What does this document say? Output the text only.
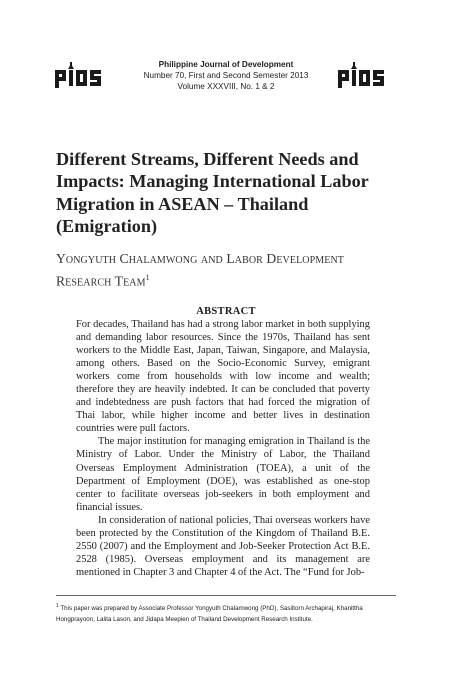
Philippine Journal of Development
Number 70, First and Second Semester 2013
Volume XXXVIII, No. 1 & 2
Different Streams, Different Needs and Impacts: Managing International Labor Migration in ASEAN – Thailand (Emigration)
Yongyuth Chalamwong and Labor Development Research Team$^1$
ABSTRACT

For decades, Thailand has had a strong labor market in both supplying and demanding labor resources. Since the 1970s, Thailand has sent workers to the Middle East, Japan, Taiwan, Singapore, and Malaysia, among others. Based on the Socio-Economic Survey, emigrant workers come from households with low income and wealth; therefore they are heavily indebted. It can be concluded that poverty and indebtedness are push factors that had forced the migration of Thai labor, while higher income and better lives in destination countries were pull factors.

The major institution for managing emigration in Thailand is the Ministry of Labor. Under the Ministry of Labor, the Thailand Overseas Employment Administration (TOEA), a unit of the Department of Employment (DOE), was established as one-stop center to facilitate overseas job-seekers in both employment and financial issues.

In consideration of national policies, Thai overseas workers have been protected by the Constitution of the Kingdom of Thailand B.E. 2550 (2007) and the Employment and Job-Seeker Protection Act B.E. 2528 (1985). Overseas employment and its management are mentioned in Chapter 3 and Chapter 4 of the Act. The “Fund for Job-

$^1$ This paper was prepared by Associate Professor Yongyuth Chalamwong (PhD), Sasiltorn Archapiraj, Khanittha Hongprayoon, Lalita Lason, and Jidapa Meepien of Thailand Development Research Institute.
